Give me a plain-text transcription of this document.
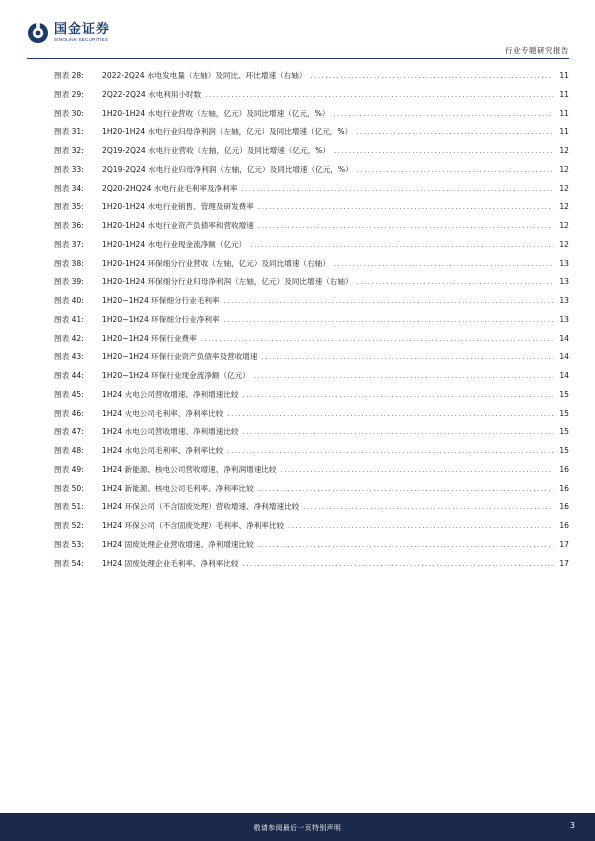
国金证券
SINOLINK SECURITIES
行业专题研究报告
图表 28:	2022-2Q24 水电发电量（左轴）及同比、环比增速（右轴） .....	11
图表 29:	2Q22-2Q24 水电利用小时数 .....	11
图表 30:	1H20-1H24 水电行业营收（左轴，亿元）及同比增速（亿元，%） .....	11
图表 31:	1H20-1H24 水电行业归母净利润（左轴，亿元）及同比增速（亿元，%） .....	11
图表 32:	2Q19-2Q24 水电行业营收（左轴，亿元）及同比增速（亿元，%） .....	12
图表 33:	2Q19-2Q24 水电行业归母净利润（左轴，亿元）及同比增速（亿元，%） .....	12
图表 34:	2Q20-2HQ24 水电行业毛利率及净利率 .....	12
图表 35:	1H20-1H24 水电行业销售、管理及研发费率 .....	12
图表 36:	1H20-1H24 水电行业资产负债率和营收增速 .....	12
图表 37:	1H20-1H24 水电行业现金流净额（亿元） .....	12
图表 38:	1H20-1H24 环保细分行业营收（左轴，亿元）及同比增速（右轴） .....	13
图表 39:	1H20-1H24 环保细分行业归母净利润（左轴，亿元）及同比增速（右轴） .....	13
图表 40:	1H20~1H24 环保细分行业毛利率 .....	13
图表 41:	1H20~1H24 环保细分行业净利率 .....	13
图表 42:	1H20~1H24 环保行业费率 .....	14
图表 43:	1H20~1H24 环保行业资产负债率及营收增速 .....	14
图表 44:	1H20~1H24 环保行业现金流净额（亿元） .....	14
图表 45:	1H24 火电公司营收增速、净利增速比较 .....	15
图表 46:	1H24 火电公司毛利率、净利率比较 .....	15
图表 47:	1H24 水电公司营收增速、净利增速比较 .....	15
图表 48:	1H24 水电公司毛利率、净利率比较 .....	15
图表 49:	1H24 新能源、核电公司营收增速、净利润增速比较 .....	16
图表 50:	1H24 新能源、核电公司毛利率、净利率比较 .....	16
图表 51:	1H24 环保公司（不含固废处理）营收增速、净利增速比较 .....	16
图表 52:	1H24 环保公司（不含固废处理）毛利率、净利率比较 .....	16
图表 53:	1H24 固废处理企业营收增速、净利增速比较 .....	17
图表 54:	1H24 固废处理企业毛利率、净利率比较 .....	17
敬请参阅最后一页特别声明	3
